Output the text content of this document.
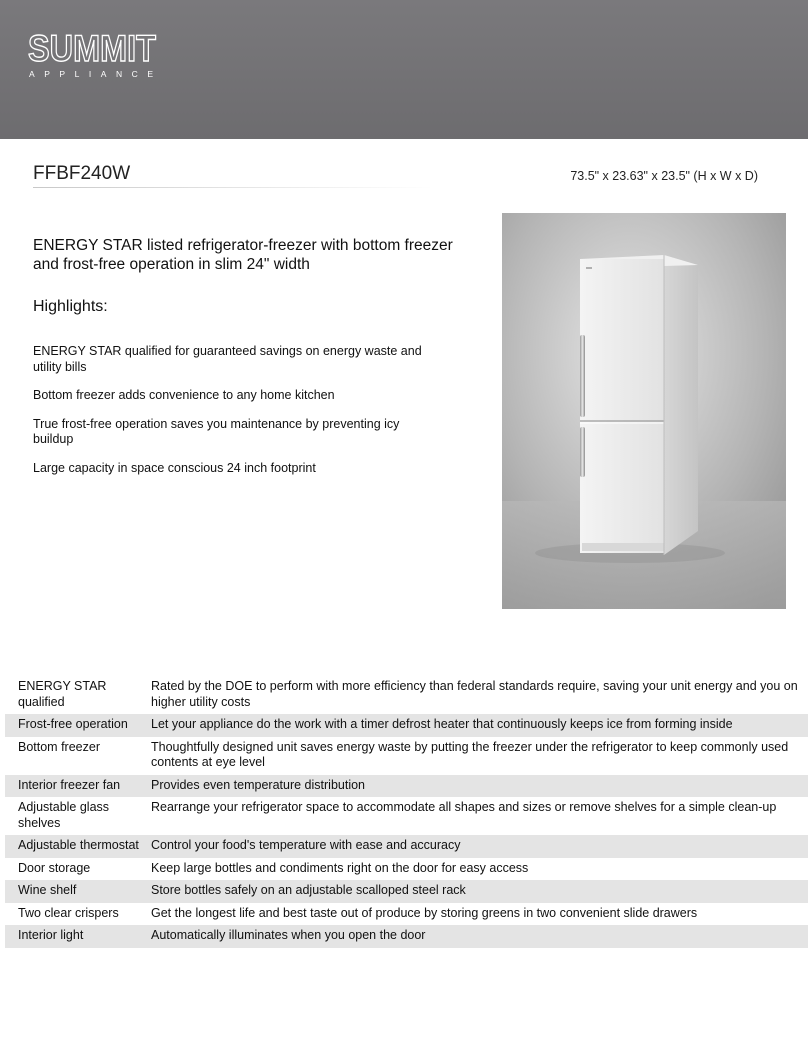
SUMMIT
APPLIANCE
FFBF240W	73.5" x 23.63" x 23.5" (H x W x D)
ENERGY STAR listed refrigerator-freezer with bottom freezer and frost-free operation in slim 24" width
Highlights:
ENERGY STAR qualified for guaranteed savings on energy waste and utility bills
Bottom freezer adds convenience to any home kitchen
True frost-free operation saves you maintenance by preventing icy buildup
Large capacity in space conscious 24 inch footprint
ENERGY STAR qualified	Rated by the DOE to perform with more efficiency than federal standards require, saving your unit energy and you on higher utility costs
Frost-free operation	Let your appliance do the work with a timer defrost heater that continuously keeps ice from forming inside
Bottom freezer	Thoughtfully designed unit saves energy waste by putting the freezer under the refrigerator to keep commonly used contents at eye level
Interior freezer fan	Provides even temperature distribution
Adjustable glass shelves	Rearrange your refrigerator space to accommodate all shapes and sizes or remove shelves for a simple clean-up
Adjustable thermostat	Control your food's temperature with ease and accuracy
Door storage	Keep large bottles and condiments right on the door for easy access
Wine shelf	Store bottles safely on an adjustable scalloped steel rack
Two clear crispers	Get the longest life and best taste out of produce by storing greens in two convenient slide drawers
Interior light	Automatically illuminates when you open the door
